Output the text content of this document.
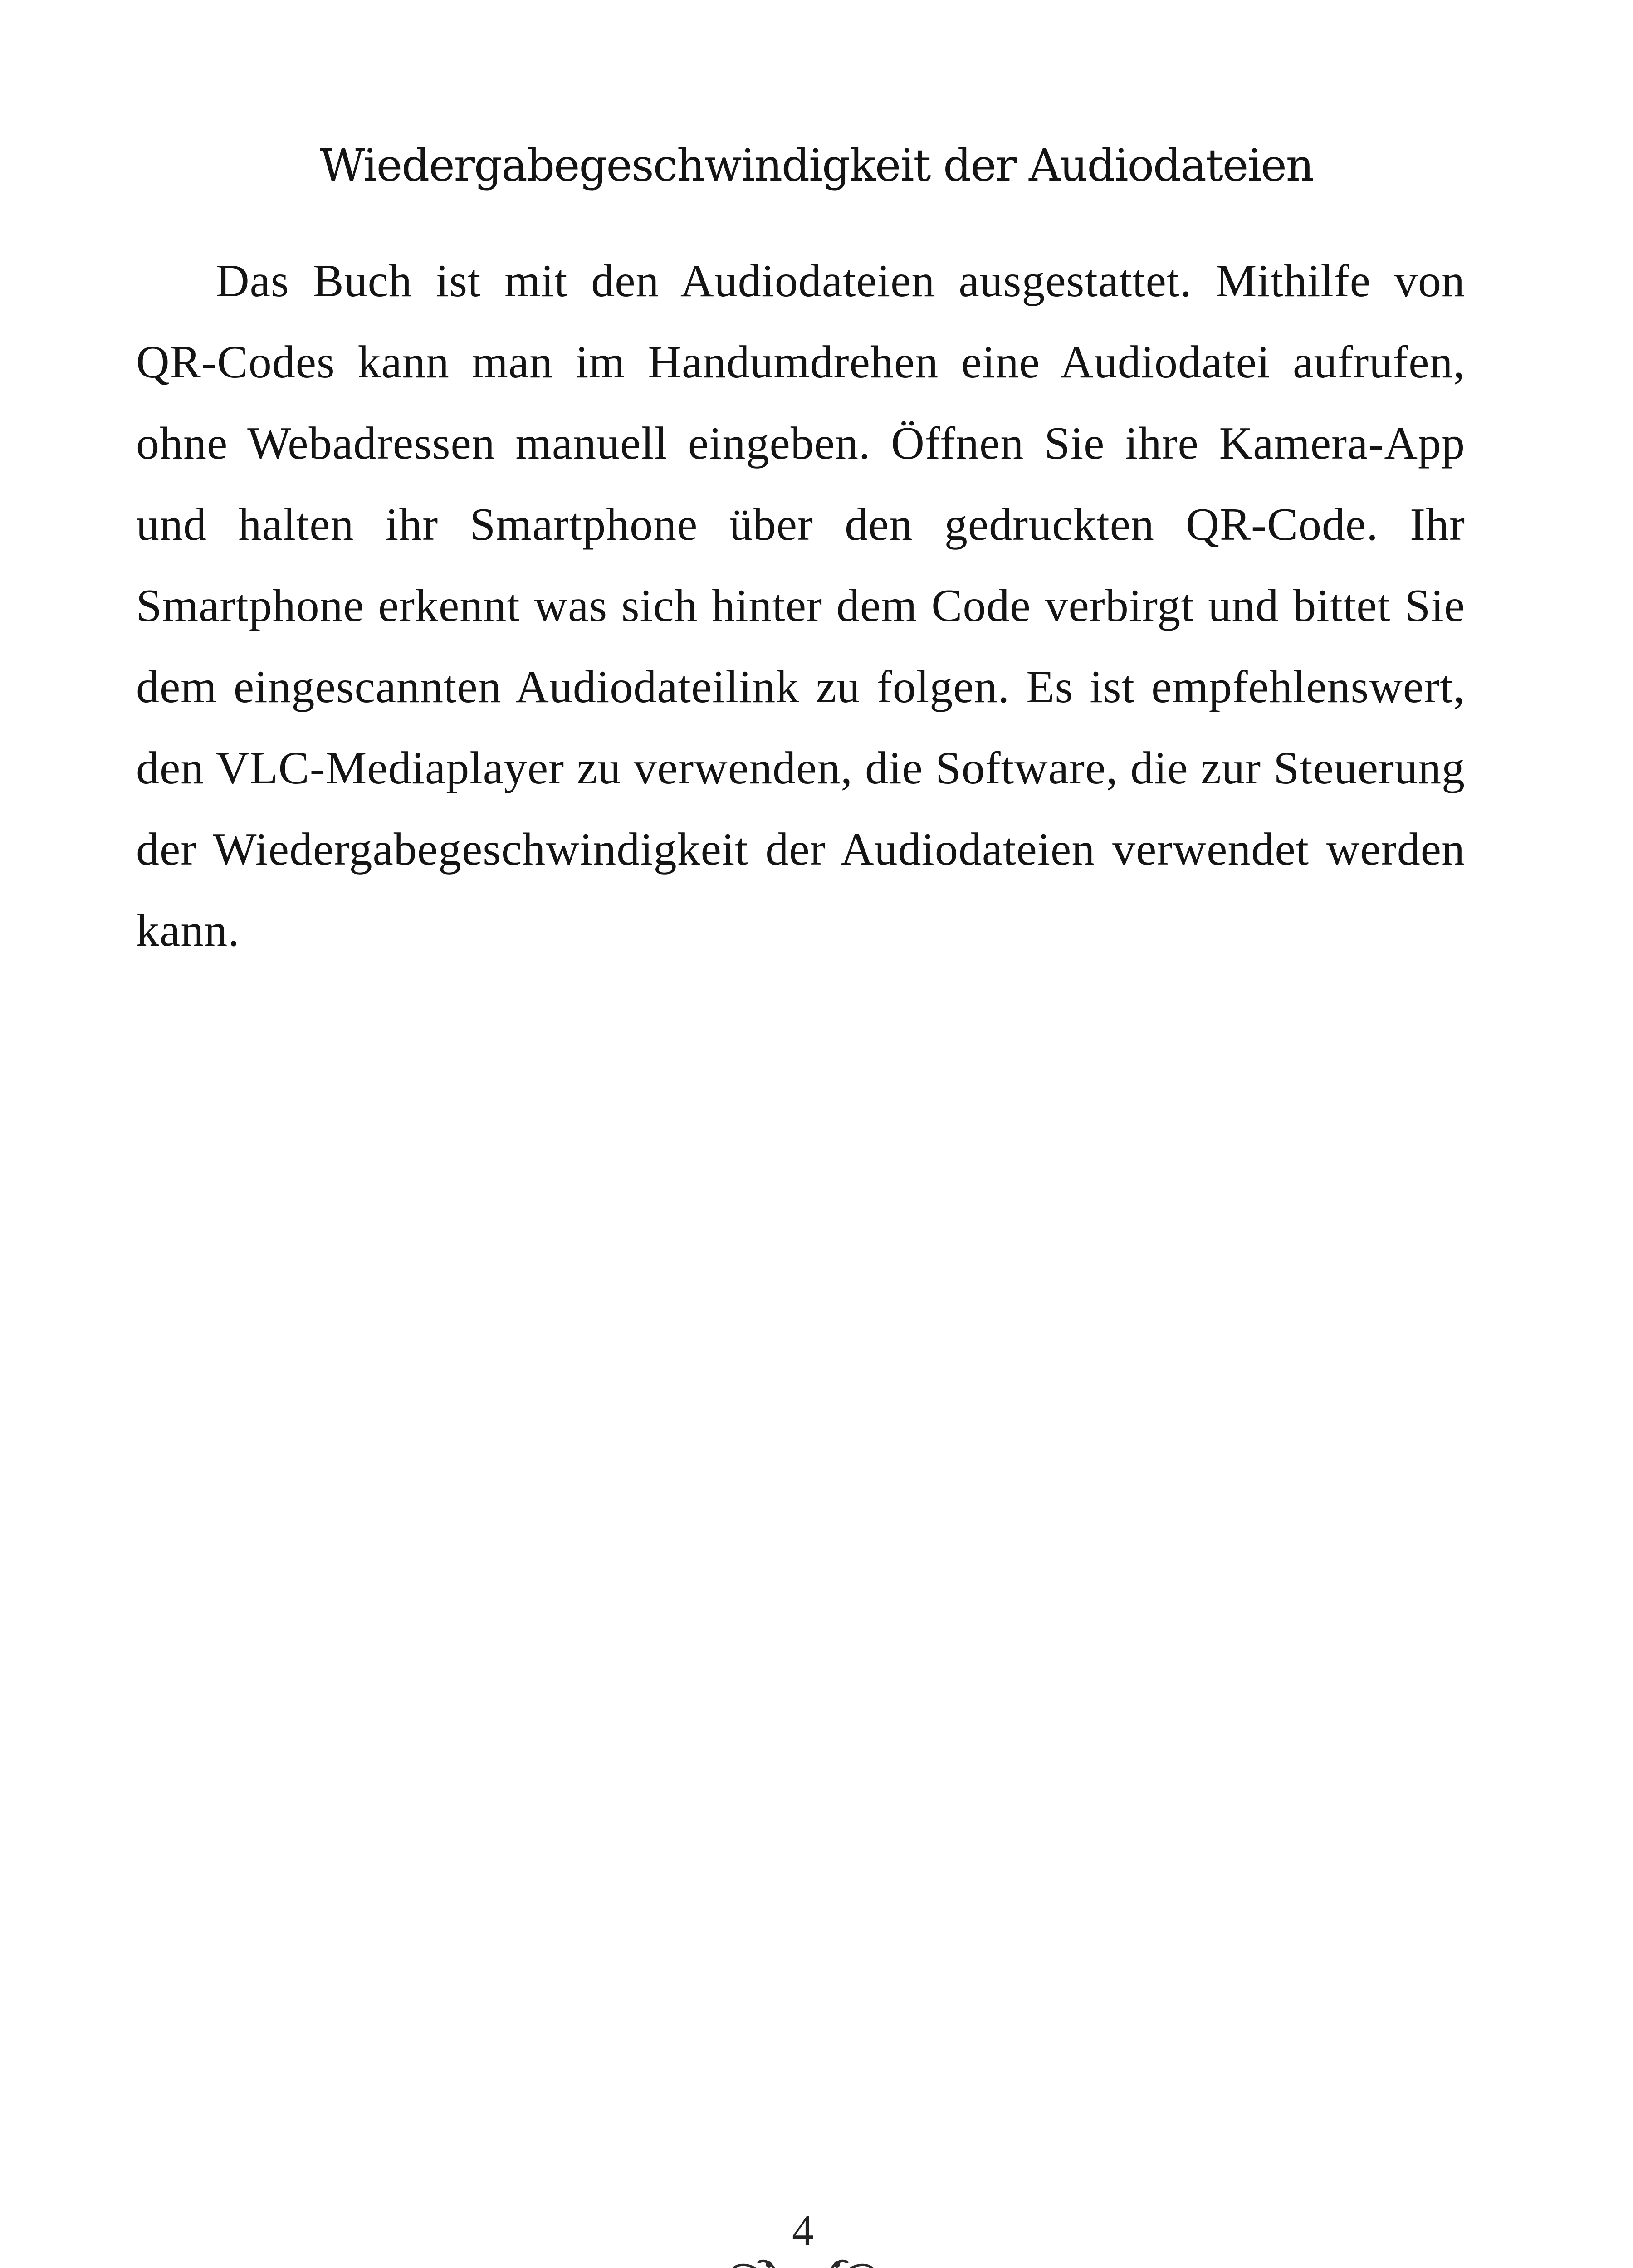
Wiedergabegeschwindigkeit der Audiodateien

Das Buch ist mit den Audiodateien ausgestattet. Mithilfe von QR-Codes kann man im Handumdrehen eine Audiodatei aufrufen, ohne Webadressen manuell eingeben. Öffnen Sie ihre Kamera-App und halten ihr Smartphone über den gedruckten QR-Code. Ihr Smartphone erkennt was sich hinter dem Code verbirgt und bittet Sie dem eingescannten Audiodateilink zu folgen. Es ist empfehlenswert, den VLC-Mediaplayer zu verwenden, die Software, die zur Steuerung der Wiedergabegeschwindigkeit der Audiodateien verwendet werden kann.

4
